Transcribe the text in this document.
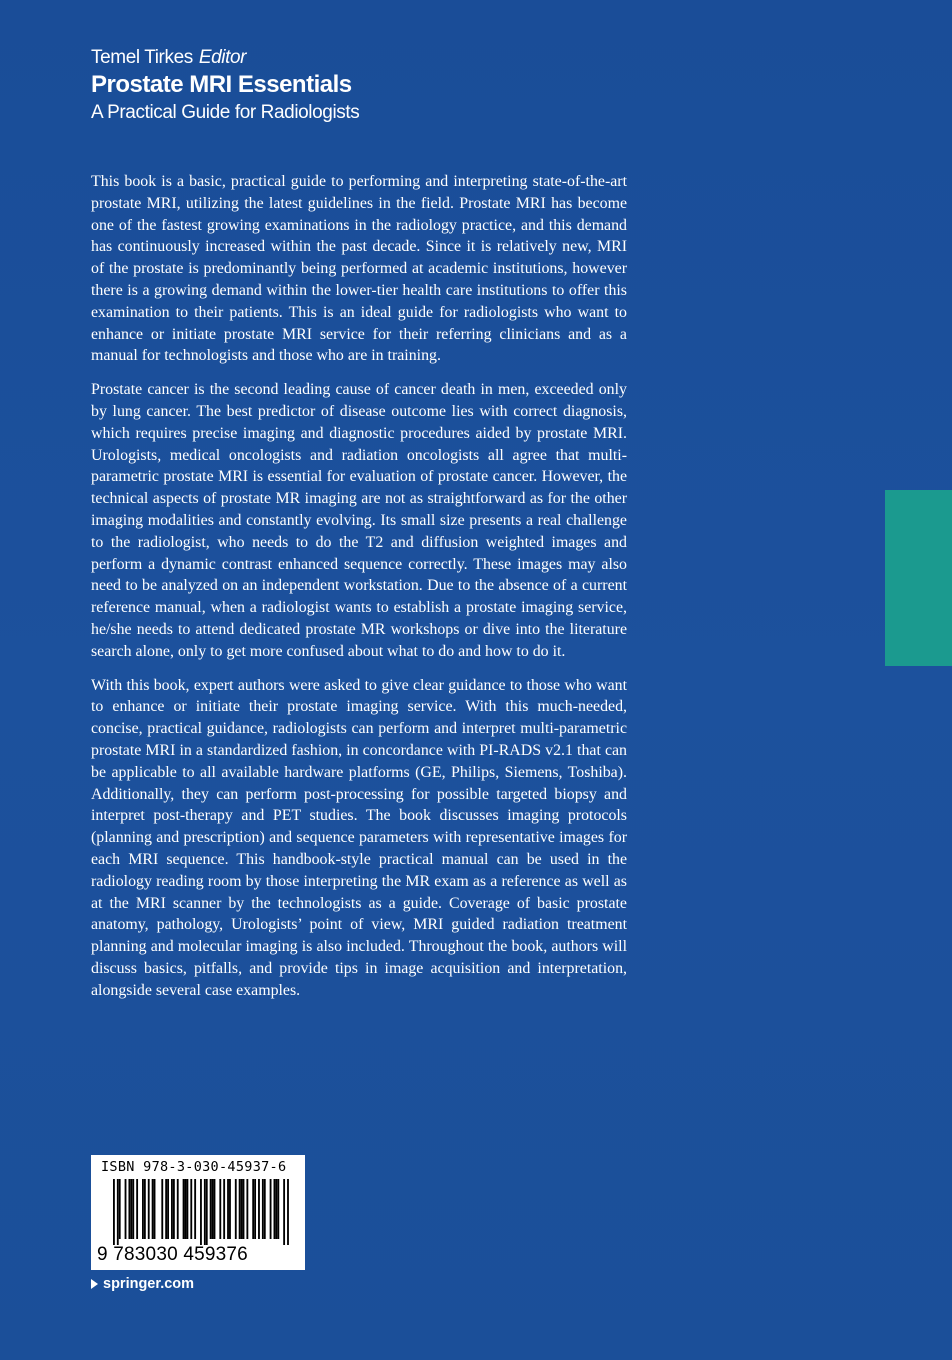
Temel Tirkes Editor
Prostate MRI Essentials
A Practical Guide for Radiologists

This book is a basic, practical guide to performing and interpreting state-of-the-art prostate MRI, utilizing the latest guidelines in the field. Prostate MRI has become one of the fastest growing examinations in the radiology practice, and this demand has continuously increased within the past decade. Since it is relatively new, MRI of the prostate is predominantly being performed at academic institutions, however there is a growing demand within the lower-tier health care institutions to offer this examination to their patients. This is an ideal guide for radiologists who want to enhance or initiate prostate MRI service for their referring clinicians and as a manual for technologists and those who are in training.

Prostate cancer is the second leading cause of cancer death in men, exceeded only by lung cancer. The best predictor of disease outcome lies with correct diagnosis, which requires precise imaging and diagnostic procedures aided by prostate MRI. Urologists, medical oncologists and radiation oncologists all agree that multi-parametric prostate MRI is essential for evaluation of prostate cancer. However, the technical aspects of prostate MR imaging are not as straightforward as for the other imaging modalities and constantly evolving. Its small size presents a real challenge to the radiologist, who needs to do the T2 and diffusion weighted images and perform a dynamic contrast enhanced sequence correctly. These images may also need to be analyzed on an independent workstation. Due to the absence of a current reference manual, when a radiologist wants to establish a prostate imaging service, he/she needs to attend dedicated prostate MR workshops or dive into the literature search alone, only to get more confused about what to do and how to do it.

With this book, expert authors were asked to give clear guidance to those who want to enhance or initiate their prostate imaging service. With this much-needed, concise, practical guidance, radiologists can perform and interpret multi-parametric prostate MRI in a standardized fashion, in concordance with PI-RADS v2.1 that can be applicable to all available hardware platforms (GE, Philips, Siemens, Toshiba). Additionally, they can perform post-processing for possible targeted biopsy and interpret post-therapy and PET studies. The book discusses imaging protocols (planning and prescription) and sequence parameters with representative images for each MRI sequence. This handbook-style practical manual can be used in the radiology reading room by those interpreting the MR exam as a reference as well as at the MRI scanner by the technologists as a guide. Coverage of basic prostate anatomy, pathology, Urologists’ point of view, MRI guided radiation treatment planning and molecular imaging is also included. Throughout the book, authors will discuss basics, pitfalls, and provide tips in image acquisition and interpretation, alongside several case examples.

ISBN 978-3-030-45937-6
9 783030 459376
springer.com
